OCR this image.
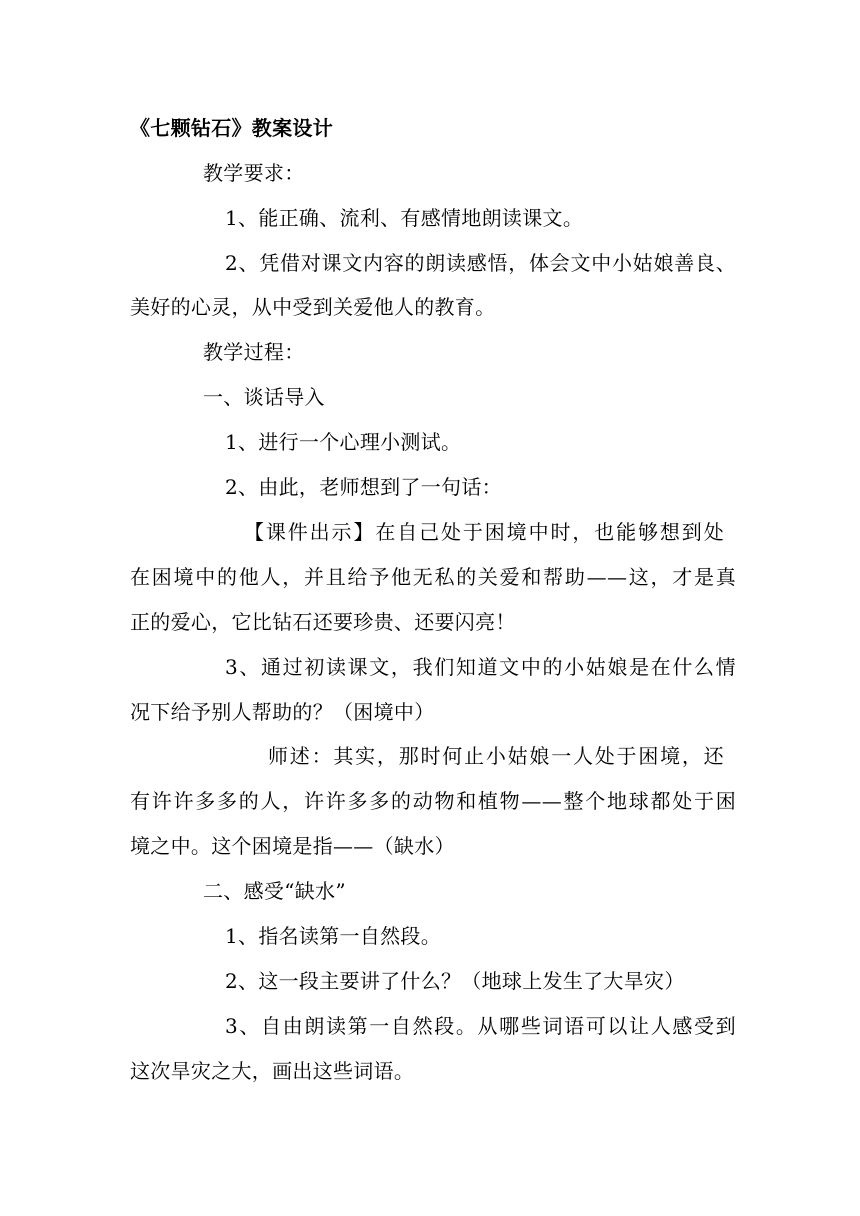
《七颗钻石》教案设计
教学要求：
1、能正确、流利、有感情地朗读课文。
2、凭借对课文内容的朗读感悟，体会文中小姑娘善良、
美好的心灵，从中受到关爱他人的教育。
教学过程：
一、谈话导入
1、进行一个心理小测试。
2、由此，老师想到了一句话：
【课件出示】在自己处于困境中时，也能够想到处
在困境中的他人，并且给予他无私的关爱和帮助——这，才是真
正的爱心，它比钻石还要珍贵、还要闪亮！
3、通过初读课文，我们知道文中的小姑娘是在什么情
况下给予别人帮助的？（困境中）
师述：其实，那时何止小姑娘一人处于困境，还
有许许多多的人，许许多多的动物和植物——整个地球都处于困
境之中。这个困境是指——（缺水）
二、感受“缺水”
1、指名读第一自然段。
2、这一段主要讲了什么？（地球上发生了大旱灾）
3、自由朗读第一自然段。从哪些词语可以让人感受到
这次旱灾之大，画出这些词语。
